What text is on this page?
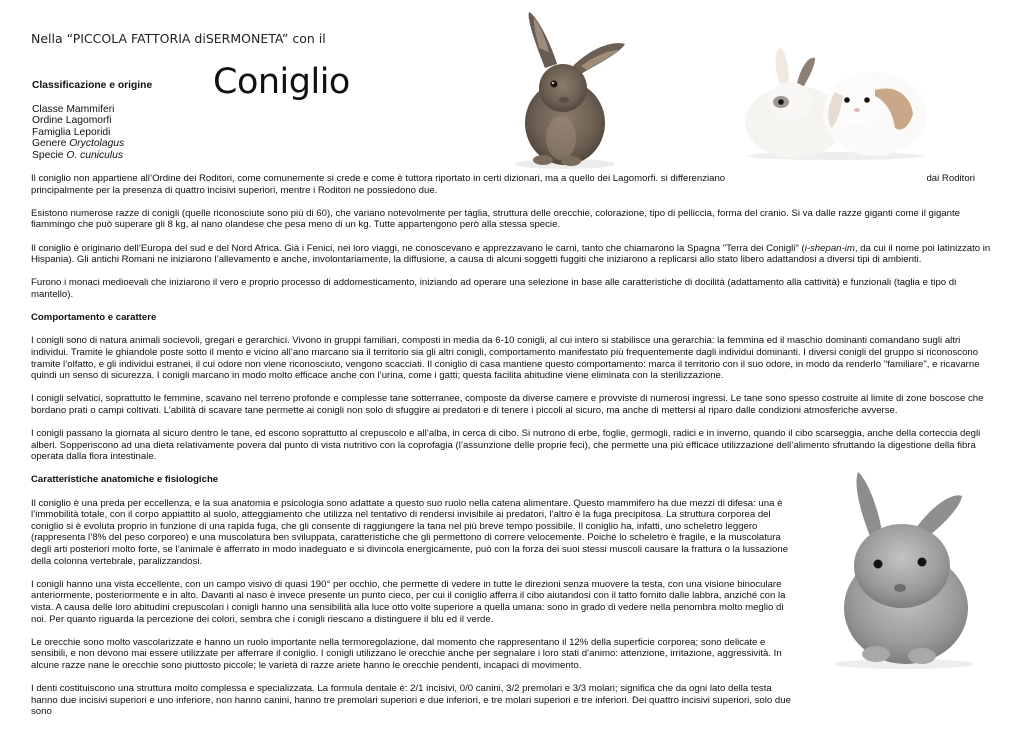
Nella “PICCOLA FATTORIA diSERMONETA” con il
Coniglio
Classificazione e origine
Classe Mammiferi
Ordine Lagomorfi
Famiglia Leporidi
Genere Oryctolagus
Specie O. cuniculus

Il coniglio non appartiene all’Ordine dei Roditori, come comunemente si crede e come è tuttora riportato in certi dizionari, ma a quello dei Lagomorfi. si differenziano	dai Roditori
principalmente per la presenza di quattro incisivi superiori, mentre i Roditori ne possiedono due.

Esistono numerose razze di conigli (quelle riconosciute sono più di 60), che variano notevolmente per taglia, struttura delle orecchie, colorazione, tipo di pelliccia, forma del cranio. Si va dalle razze giganti come il gigante fiammingo che può superare gli 8 kg, al nano olandese che pesa meno di un kg. Tutte appartengono però alla stessa specie.

Il coniglio è originario dell’Europa del sud e del Nord Africa. Già i Fenici, nei loro viaggi, ne conoscevano e apprezzavano le carni, tanto che chiamarono la Spagna "Terra dei Conigli" (i-shepan-im, da cui il nome poi latinizzato in Hispania). Gli antichi Romani ne iniziarono l’allevamento e anche, involontariamente, la diffusione, a causa di alcuni soggetti fuggiti che iniziarono a replicarsi allo stato libero adattandosi a diversi tipi di ambienti.

Furono i monaci medioevali che iniziarono il vero e proprio processo di addomesticamento, iniziando ad operare una selezione in base alle caratteristiche di docilità (adattamento alla cattività) e funzionali (taglia e tipo di mantello).

Comportamento e carattere

I conigli sono di natura animali socievoli, gregari e gerarchici. Vivono in gruppi familiari, composti in media da 6-10 conigli, al cui intero si stabilisce una gerarchia: la femmina ed il maschio dominanti comandano sugli altri individui. Tramite le ghiandole poste sotto il mento e vicino all’ano marcano sia il territorio sia gli altri conigli, comportamento manifestato più frequentemente dagli individui dominanti. I diversi conigli del gruppo si riconoscono tramite l’olfatto, e gli individui estranei, il cui odore non viene riconosciuto, vengono scacciati. Il coniglio di casa mantiene questo comportamento: marca il territorio con il suo odore, in modo da renderlo "familiare", e ricavarne quindi un senso di sicurezza. I conigli marcano in modo molto efficace anche con l’urina, come i gatti; questa facilita abitudine viene eliminata con la sterilizzazione.

I conigli selvatici, soprattutto le femmine, scavano nel terreno profonde e complesse tane sotterranee, composte da diverse camere e provviste di numerosi ingressi. Le tane sono spesso costruite al limite di zone boscose che bordano prati o campi coltivati. L’abilità di scavare tane permette ai conigli non solo di sfuggire ai predatori e di tenere i piccoli al sicuro, ma anche di mettersi al riparo dalle condizioni atmosferiche avverse.

I conigli passano la giornata al sicuro dentro le tane, ed escono soprattutto al crepuscolo e all’alba, in cerca di cibo. Si nutrono di erbe, foglie, germogli, radici e in inverno, quando il cibo scarseggia, anche della corteccia degli alberi. Sopperiscono ad una dieta relativamente povera dal punto di vista nutritivo con la coprofagia (l’assunzione delle proprie feci), che permette una più efficace utilizzazione dell’alimento sfruttando la digestione della fibra operata dalla flora intestinale.

Caratteristiche anatomiche e fisiologiche

Il coniglio è una preda per eccellenza, e la sua anatomia e psicologia sono adattate a questo suo ruolo nella catena alimentare. Questo mammifero ha due mezzi di difesa: una è l’immobilità totale, con il corpo appiattito al suolo, atteggiamento che utilizza nel tentativo di rendersi invisibile ai predatori, l’altro è la fuga precipitosa. La struttura corporea del coniglio si è evoluta proprio in funzione di una rapida fuga, che gli consente di raggiungere la tana nel più breve tempo possibile. Il coniglio ha, infatti, uno scheletro leggero (rappresenta l’8% del peso corporeo) e una muscolatura ben sviluppata, caratteristiche che gli permettono di correre velocemente. Poiché lo scheletro è fragile, e la muscolatura degli arti posteriori molto forte, se l’animale è afferrato in modo inadeguato e si divincola energicamente, può con la forza dei suoi stessi muscoli causare la frattura o la lussazione della colonna vertebrale, paralizzandosi.

I conigli hanno una vista eccellente, con un campo visivo di quasi 190° per occhio, che permette di vedere in tutte le direzioni senza muovere la testa, con una visione binoculare anteriormente, posteriormente e in alto. Davanti al naso è invece presente un punto cieco, per cui il coniglio afferra il cibo aiutandosi con il tatto fornito dalle labbra, anziché con la vista. A causa delle loro abitudini crepuscolari i conigli hanno una sensibilità alla luce otto volte superiore a quella umana: sono in grado di vedere nella penombra molto meglio di noi. Per quanto riguarda la percezione dei colori, sembra che i conigli riescano a distinguere il blu ed il verde.

Le orecchie sono molto vascolarizzate e hanno un ruolo importante nella termoregolazione, dal momento che rappresentano il 12% della superficie corporea; sono delicate e sensibili, e non devono mai essere utilizzate per afferrare il coniglio. I conigli utilizzano le orecchie anche per segnalare i loro stati d’animo: attenzione, irritazione, aggressività. In alcune razze nane le orecchie sono piuttosto piccole; le varietà di razze ariete hanno le orecchie pendenti, incapaci di movimento.

I denti costituiscono una struttura molto complessa e specializzata. La formula dentale è: 2/1 incisivi, 0/0 canini, 3/2 premolari e 3/3 molari; significa che da ogni lato della testa hanno due incisivi superiori e uno inferiore, non hanno canini, hanno tre premolari superiori e due inferiori, e tre molari superiori e tre inferiori. Dei quattro incisivi superiori, solo due sono
